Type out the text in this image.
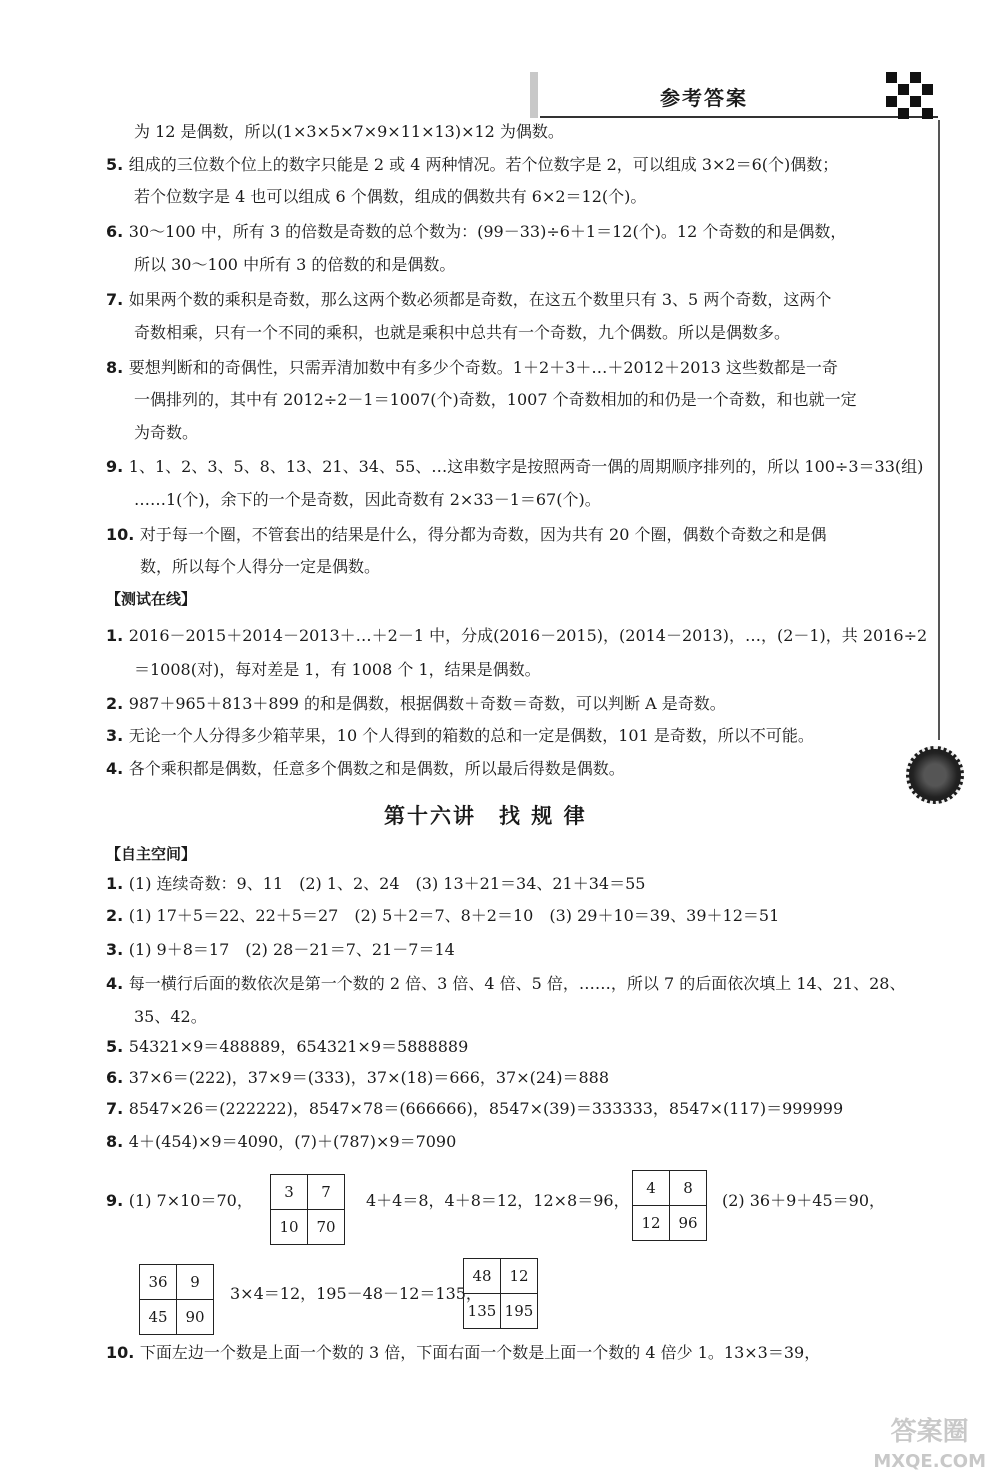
参考答案
为 12 是偶数，所以(1×3×5×7×9×11×13)×12 为偶数。
5. 组成的三位数个位上的数字只能是 2 或 4 两种情况。若个位数字是 2，可以组成 3×2＝6(个)偶数；
若个位数字是 4 也可以组成 6 个偶数，组成的偶数共有 6×2＝12(个)。
6. 30～100 中，所有 3 的倍数是奇数的总个数为：(99－33)÷6＋1＝12(个)。12 个奇数的和是偶数，
所以 30～100 中所有 3 的倍数的和是偶数。
7. 如果两个数的乘积是奇数，那么这两个数必须都是奇数，在这五个数里只有 3、5 两个奇数，这两个
奇数相乘，只有一个不同的乘积，也就是乘积中总共有一个奇数，九个偶数。所以是偶数多。
8. 要想判断和的奇偶性，只需弄清加数中有多少个奇数。1＋2＋3＋…＋2012＋2013 这些数都是一奇
一偶排列的，其中有 2012÷2－1＝1007(个)奇数，1007 个奇数相加的和仍是一个奇数，和也就一定
为奇数。
9. 1、1、2、3、5、8、13、21、34、55、…这串数字是按照两奇一偶的周期顺序排列的，所以 100÷3＝33(组)
……1(个)，余下的一个是奇数，因此奇数有 2×33－1＝67(个)。
10. 对于每一个圈，不管套出的结果是什么，得分都为奇数，因为共有 20 个圈，偶数个奇数之和是偶
数，所以每个人得分一定是偶数。
1. 2016－2015＋2014－2013＋…＋2－1 中，分成(2016－2015)，(2014－2013)，…，(2－1)，共 2016÷2
＝1008(对)，每对差是 1，有 1008 个 1，结果是偶数。
2. 987＋965＋813＋899 的和是偶数，根据偶数＋奇数＝奇数，可以判断 A 是奇数。
3. 无论一个人分得多少箱苹果，10 个人得到的箱数的总和一定是偶数，101 是奇数，所以不可能。
4. 各个乘积都是偶数，任意多个偶数之和是偶数，所以最后得数是偶数。
1. (1) 连续奇数：9、11　(2) 1、2、24　(3) 13＋21＝34、21＋34＝55
2. (1) 17＋5＝22、22＋5＝27　(2) 5＋2＝7、8＋2＝10　(3) 29＋10＝39、39＋12＝51
3. (1) 9＋8＝17　(2) 28－21＝7、21－7＝14
4. 每一横行后面的数依次是第一个数的 2 倍、3 倍、4 倍、5 倍，……，所以 7 的后面依次填上 14、21、28、
35、42。
5. 54321×9＝488889，654321×9＝5888889
6. 37×6＝(222)，37×9＝(333)，37×(18)＝666，37×(24)＝888
7. 8547×26＝(222222)，8547×78＝(666666)，8547×(39)＝333333，8547×(117)＝999999
8. 4＋(454)×9＝4090，(7)＋(787)×9＝7090
9. (1) 7×10＝70，	4＋4＝8，4＋8＝12，12×8＝96，	(2) 36＋9＋45＝90，
3×4＝12，195－48－12＝135，
10. 下面左边一个数是上面一个数的 3 倍，下面右面一个数是上面一个数的 4 倍少 1。13×3＝39，
【测试在线】
【自主空间】
第十六讲　找 规 律
3	7
10	70
4	8
12	96
36	9
45	90
48	12
135	195
答案圈
MXQE.COM
